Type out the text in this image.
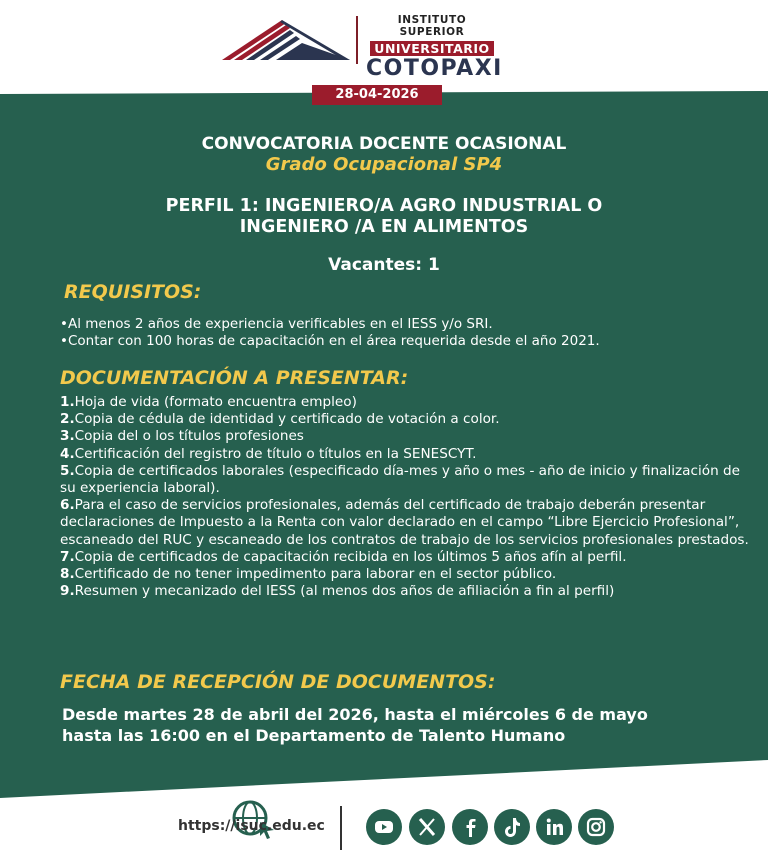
INSTITUTO SUPERIOR
UNIVERSITARIO
COTOPAXI
28-04-2026
CONVOCATORIA DOCENTE OCASIONAL
Grado Ocupacional SP4
PERFIL 1: INGENIERO/A AGRO INDUSTRIAL O
INGENIERO /A EN ALIMENTOS
Vacantes: 1
REQUISITOS:
•Al menos 2 años de experiencia verificables en el IESS y/o SRI.
•Contar con 100 horas de capacitación en el área requerida desde el año 2021.
DOCUMENTACIÓN A PRESENTAR:
1.Hoja de vida (formato encuentra empleo)
2.Copia de cédula de identidad y certificado de votación a color.
3.Copia del o los títulos profesiones
4.Certificación del registro de título o títulos en la SENESCYT.
5.Copia de certificados laborales (especificado día-mes y año o mes - año de inicio y finalización de su experiencia laboral).
6.Para el caso de servicios profesionales, además del certificado de trabajo deberán presentar declaraciones de Impuesto a la Renta con valor declarado en el campo “Libre Ejercicio Profesional”, escaneado del RUC y escaneado de los contratos de trabajo de los servicios profesionales prestados.
7.Copia de certificados de capacitación recibida en los últimos 5 años afín al perfil.
8.Certificado de no tener impedimento para laborar en el sector público.
9.Resumen y mecanizado del IESS (al menos dos años de afiliación a fin al perfil)
FECHA DE RECEPCIÓN DE DOCUMENTOS:
Desde martes 28 de abril del 2026, hasta el miércoles 6 de mayo
hasta las 16:00 en el Departamento de Talento Humano
https://isuc.edu.ec
